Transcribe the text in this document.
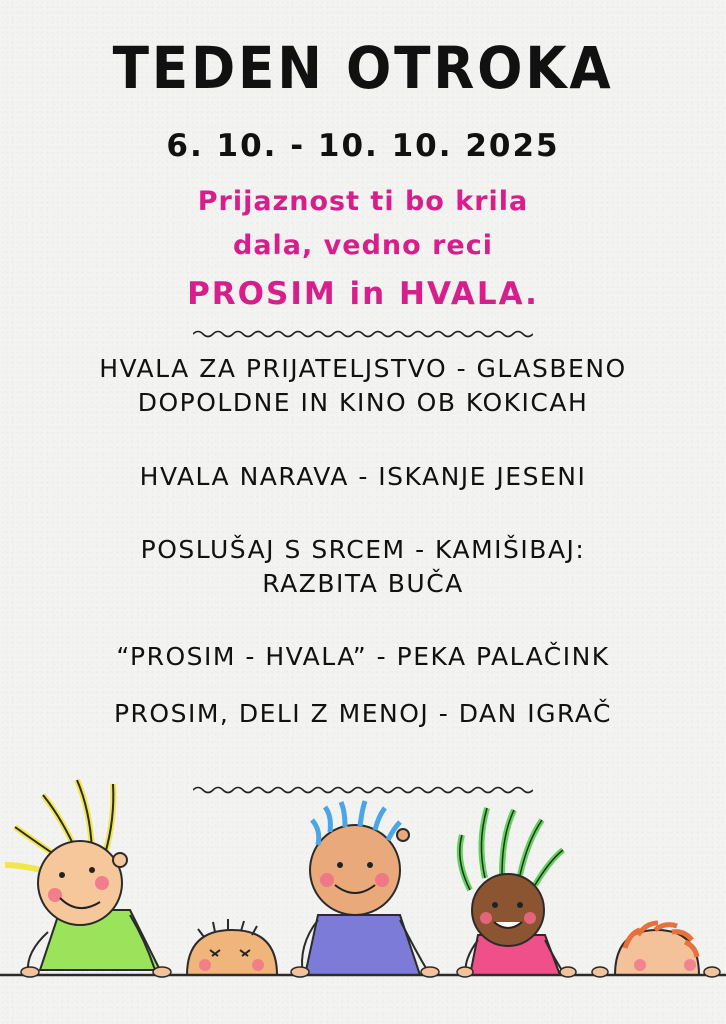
TEDEN OTROKA
6. 10. - 10. 10. 2025
Prijaznost ti bo krila
dala, vedno reci
PROSIM in HVALA.
HVALA ZA PRIJATELJSTVO - GLASBENO
DOPOLDNE IN KINO OB KOKICAH
HVALA NARAVA - ISKANJE JESENI
POSLUŠAJ S SRCEM - KAMIŠIBAJ:
RAZBITA BUČA
“PROSIM - HVALA” - PEKA PALAČINK
PROSIM, DELI Z MENOJ - DAN IGRAČ
